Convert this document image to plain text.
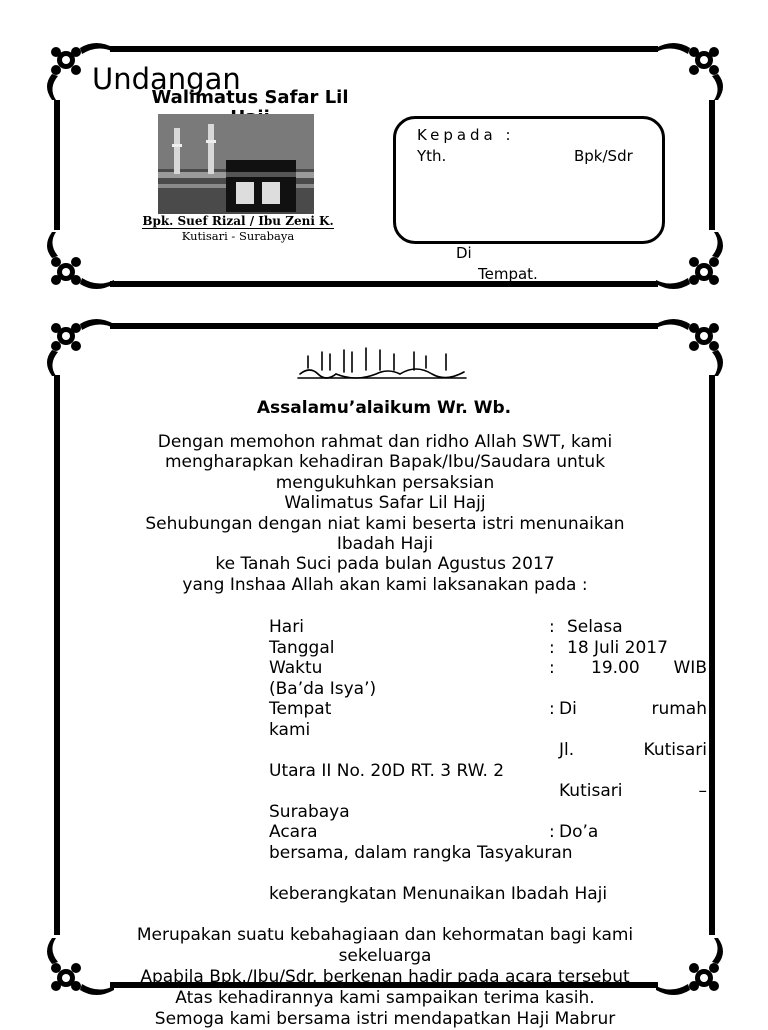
Undangan
Walimatus Safar Lil
Bpk. Suef Rizal / Ibu Zeni K.
Kutisari - Surabaya
Kepada :
Yth.	Bpk/Sdr
Di
Tempat.
Assalamu’alaikum Wr. Wb.
Dengan memohon rahmat dan ridho Allah SWT, kami
mengharapkan kehadiran Bapak/Ibu/Saudara untuk
mengukuhkan persaksian
Walimatus Safar Lil Hajj
Sehubungan dengan niat kami beserta istri menunaikan
Ibadah Haji
ke Tanah Suci pada bulan Agustus 2017
yang Inshaa Allah akan kami laksanakan pada :
Hari	: Selasa
Tanggal	: 18 Juli 2017
Waktu	: 19.00 WIB
(Ba’da Isya’)
Tempat	: Di	rumah
kami
Jl.	Kutisari
Utara II No. 20D RT. 3 RW. 2
Kutisari	–
Surabaya
Acara	: Do’a
bersama, dalam rangka Tasyakuran
keberangkatan Menunaikan Ibadah Haji
Merupakan suatu kebahagiaan dan kehormatan bagi kami
sekeluarga
Apabila Bpk./Ibu/Sdr. berkenan hadir pada acara tersebut
Atas kehadirannya kami sampaikan terima kasih.
Semoga kami bersama istri mendapatkan Haji Mabrur
